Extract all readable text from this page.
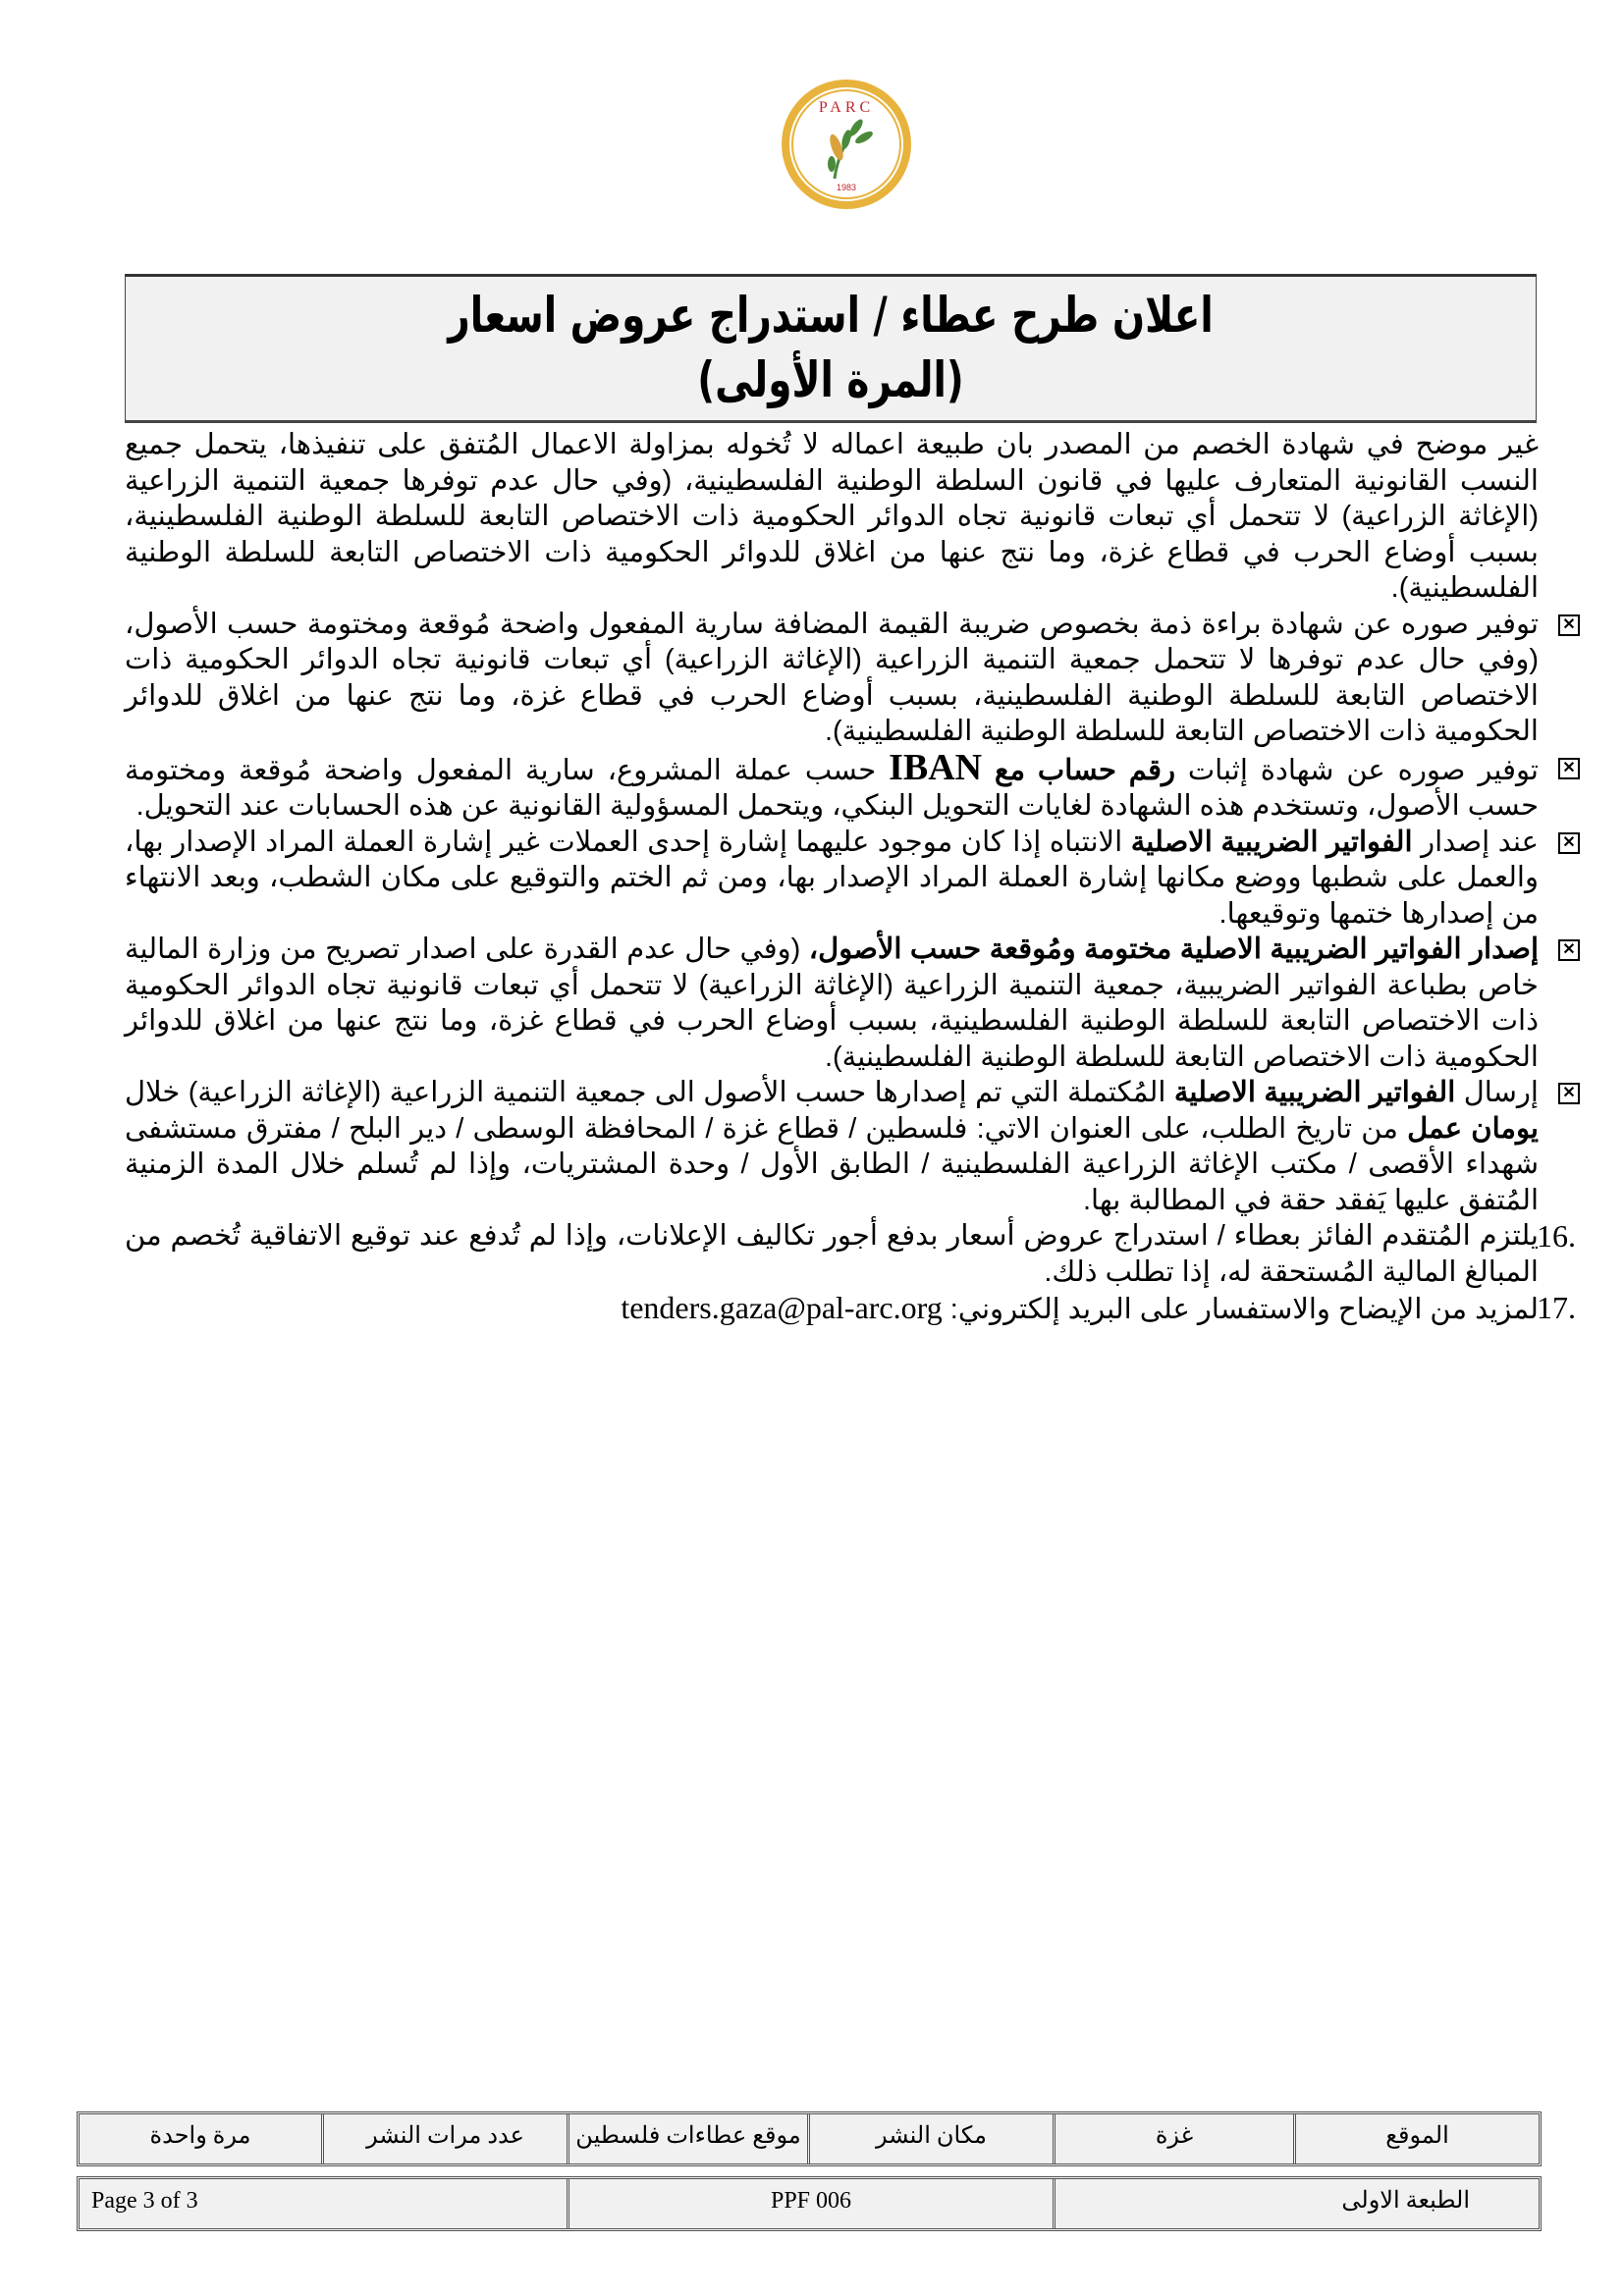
PARC
1983
اعلان طرح عطاء / استدراج عروض اسعار
(المرة الأولى)

غير موضح في شهادة الخصم من المصدر بان طبيعة اعماله لا تُخوله بمزاولة الاعمال المُتفق على تنفيذها، يتحمل جميع النسب القانونية المتعارف عليها في قانون السلطة الوطنية الفلسطينية، (وفي حال عدم توفرها جمعية التنمية الزراعية (الإغاثة الزراعية) لا تتحمل أي تبعات قانونية تجاه الدوائر الحكومية ذات الاختصاص التابعة للسلطة الوطنية الفلسطينية، بسبب أوضاع الحرب في قطاع غزة، وما نتج عنها من اغلاق للدوائر الحكومية ذات الاختصاص التابعة للسلطة الوطنية الفلسطينية).

✕

توفير صوره عن شهادة براءة ذمة بخصوص ضريبة القيمة المضافة سارية المفعول واضحة مُوقعة ومختومة حسب الأصول، (وفي حال عدم توفرها لا تتحمل جمعية التنمية الزراعية (الإغاثة الزراعية) أي تبعات قانونية تجاه الدوائر الحكومية ذات الاختصاص التابعة للسلطة الوطنية الفلسطينية، بسبب أوضاع الحرب في قطاع غزة، وما نتج عنها من اغلاق للدوائر الحكومية ذات الاختصاص التابعة للسلطة الوطنية الفلسطينية).

✕

توفير صوره عن شهادة إثبات رقم حساب مع IBAN حسب عملة المشروع، سارية المفعول واضحة مُوقعة ومختومة حسب الأصول، وتستخدم هذه الشهادة لغايات التحويل البنكي، ويتحمل المسؤولية القانونية عن هذه الحسابات عند التحويل.

✕

عند إصدار الفواتير الضريبية الاصلية الانتباه إذا كان موجود عليهما إشارة إحدى العملات غير إشارة العملة المراد الإصدار بها، والعمل على شطبها ووضع مكانها إشارة العملة المراد الإصدار بها، ومن ثم الختم والتوقيع على مكان الشطب، وبعد الانتهاء من إصدارها ختمها وتوقيعها.

✕

إصدار الفواتير الضريبية الاصلية مختومة ومُوقعة حسب الأصول، (وفي حال عدم القدرة على اصدار تصريح من وزارة المالية خاص بطباعة الفواتير الضريبية، جمعية التنمية الزراعية (الإغاثة الزراعية) لا تتحمل أي تبعات قانونية تجاه الدوائر الحكومية ذات الاختصاص التابعة للسلطة الوطنية الفلسطينية، بسبب أوضاع الحرب في قطاع غزة، وما نتج عنها من اغلاق للدوائر الحكومية ذات الاختصاص التابعة للسلطة الوطنية الفلسطينية).

✕

إرسال الفواتير الضريبية الاصلية المُكتملة التي تم إصدارها حسب الأصول الى جمعية التنمية الزراعية (الإغاثة الزراعية) خلال يومان عمل من تاريخ الطلب، على العنوان الاتي: فلسطين / قطاع غزة / المحافظة الوسطى / دير البلح / مفترق مستشفى شهداء الأقصى / مكتب الإغاثة الزراعية الفلسطينية / الطابق الأول / وحدة المشتريات، وإذا لم تُسلم خلال المدة الزمنية المُتفق عليها يَفقد حقة في المطالبة بها.

16.

يلتزم المُتقدم الفائز بعطاء / استدراج عروض أسعار بدفع أجور تكاليف الإعلانات، وإذا لم تُدفع عند توقيع الاتفاقية تُخصم من المبالغ المالية المُستحقة له، إذا تطلب ذلك.

17.

لمزيد من الإيضاح والاستفسار على البريد إلكتروني: tenders.gaza@pal-arc.org

الموقع
غزة
مكان النشر
موقع عطاءات فلسطين
عدد مرات النشر
مرة واحدة
الطبعة الاولى
PPF 006
Page 3 of 3
